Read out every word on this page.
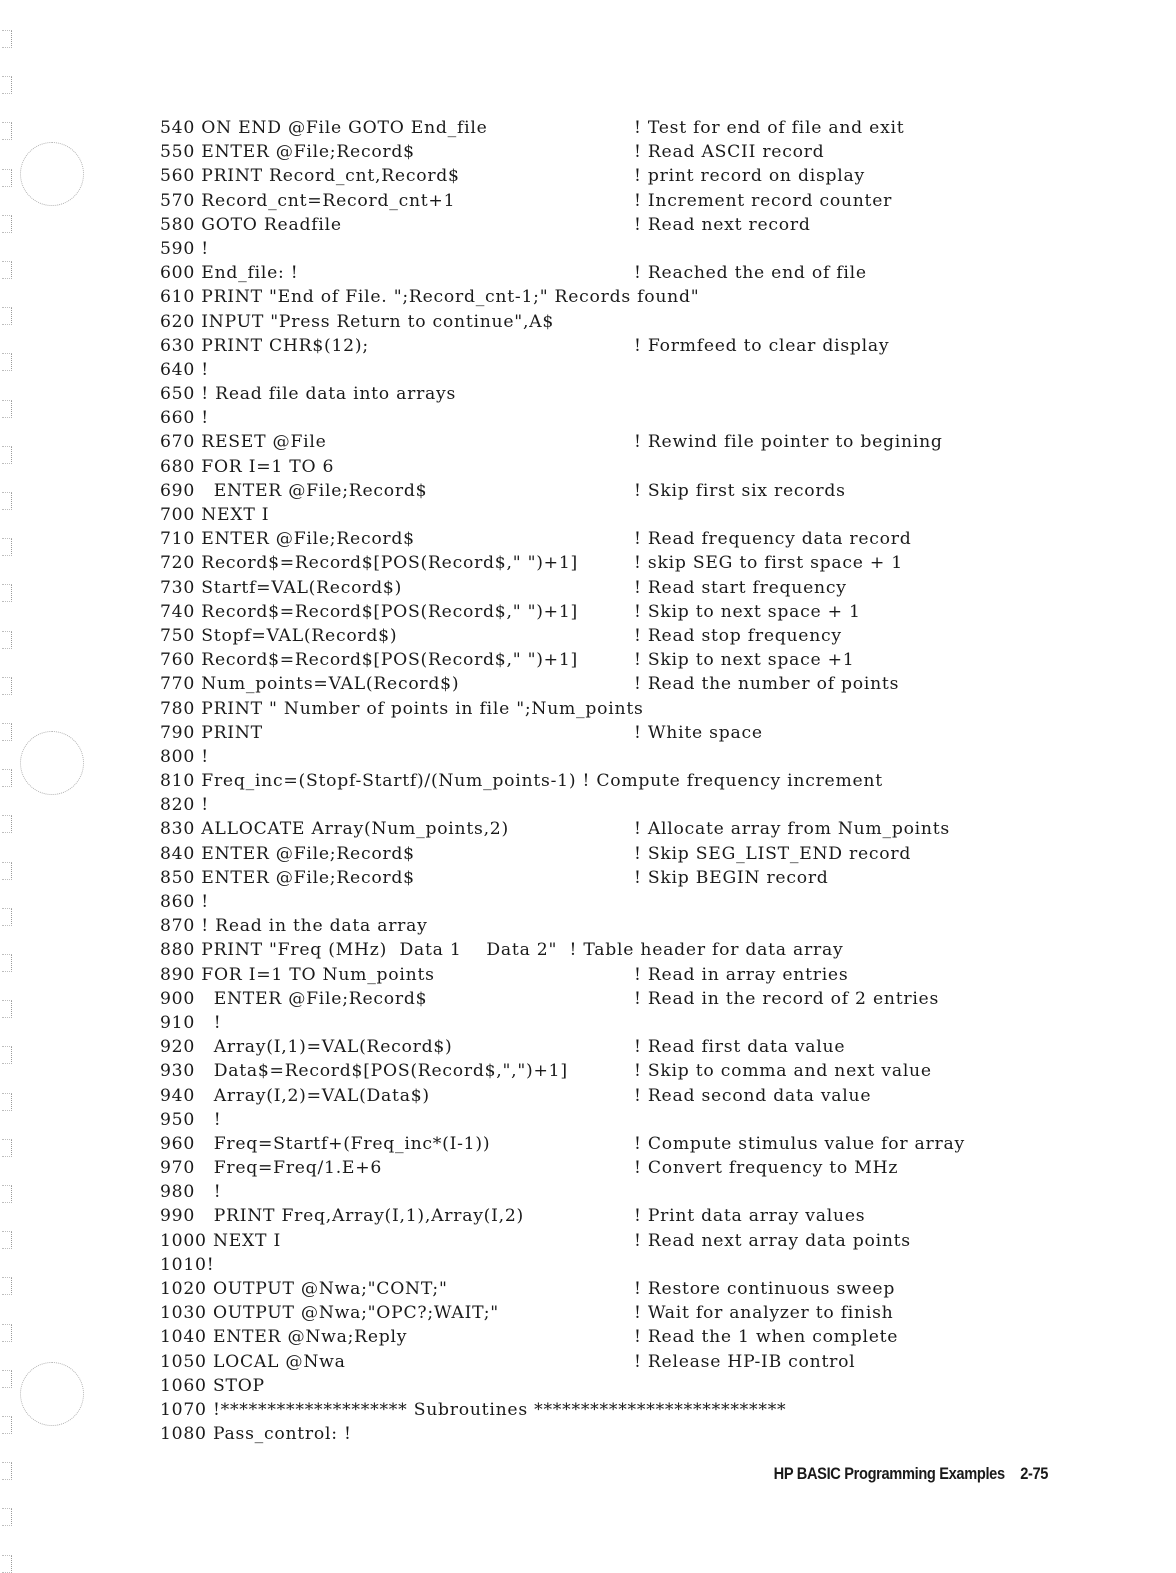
540 ON END @File GOTO End_file	! Test for end of file and exit
550 ENTER @File;Record$	! Read ASCII record
560 PRINT Record_cnt,Record$	! print record on display
570 Record_cnt=Record_cnt+1	! Increment record counter
580 GOTO Readfile	! Read next record
590 !
600 End_file: !	! Reached the end of file
610 PRINT "End of File. ";Record_cnt-1;" Records found"
620 INPUT "Press Return to continue",A$
630 PRINT CHR$(12);	! Formfeed to clear display
640 !
650 ! Read file data into arrays
660 !
670 RESET @File	! Rewind file pointer to begining
680 FOR I=1 TO 6
690   ENTER @File;Record$	! Skip first six records
700 NEXT I
710 ENTER @File;Record$	! Read frequency data record
720 Record$=Record$[POS(Record$," ")+1]	! skip SEG to first space + 1
730 Startf=VAL(Record$)	! Read start frequency
740 Record$=Record$[POS(Record$," ")+1]	! Skip to next space + 1
750 Stopf=VAL(Record$)	! Read stop frequency
760 Record$=Record$[POS(Record$," ")+1]	! Skip to next space +1
770 Num_points=VAL(Record$)	! Read the number of points
780 PRINT " Number of points in file ";Num_points
790 PRINT	! White space
800 !
810 Freq_inc=(Stopf-Startf)/(Num_points-1) ! Compute frequency increment
820 !
830 ALLOCATE Array(Num_points,2)	! Allocate array from Num_points
840 ENTER @File;Record$	! Skip SEG_LIST_END record
850 ENTER @File;Record$	! Skip BEGIN record
860 !
870 ! Read in the data array
880 PRINT "Freq (MHz)  Data 1    Data 2"  ! Table header for data array
890 FOR I=1 TO Num_points	! Read in array entries
900   ENTER @File;Record$	! Read in the record of 2 entries
910   !
920   Array(I,1)=VAL(Record$)	! Read first data value
930   Data$=Record$[POS(Record$,",")+1]	! Skip to comma and next value
940   Array(I,2)=VAL(Data$)	! Read second data value
950   !
960   Freq=Startf+(Freq_inc*(I-1))	! Compute stimulus value for array
970   Freq=Freq/1.E+6	! Convert frequency to MHz
980   !
990   PRINT Freq,Array(I,1),Array(I,2)	! Print data array values
1000 NEXT I	! Read next array data points
1010!
1020 OUTPUT @Nwa;"CONT;"	! Restore continuous sweep
1030 OUTPUT @Nwa;"OPC?;WAIT;"	! Wait for analyzer to finish
1040 ENTER @Nwa;Reply	! Read the 1 when complete
1050 LOCAL @Nwa	! Release HP-IB control
1060 STOP
1070 !******************** Subroutines ***************************
1080 Pass_control: !
HP BASIC Programming Examples 2-75
